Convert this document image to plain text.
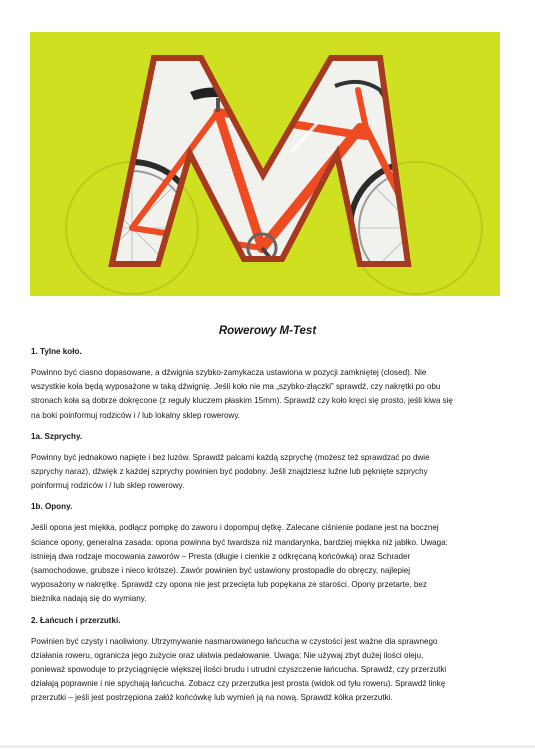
Rowerowy M-Test
1. Tylne koło.

Powinno być ciasno dopasowane, a dźwignia szybko-zamykacza ustawiona w pozycji zamkniętej (closed). Nie
wszystkie koła będą wyposażone w taką dźwignię. Jeśli koło nie ma „szybko-złączki” sprawdź, czy nakrętki po obu
stronach koła są dobrze dokręcone (z reguły kluczem płaskim 15mm). Sprawdź czy koło kręci się prosto, jeśli kiwa się
na boki poinformuj rodziców i / lub lokalny sklep rowerowy.

1a. Szprychy.

Powinny być jednakowo napięte i bez luzów. Sprawdź palcami każdą szprychę (możesz też sprawdzać po dwie
szprychy naraz), dźwięk z każdej szprychy powinien być podobny. Jeśli znajdziesz luźne lub pęknięte szprychy
poinformuj rodziców i / lub sklep rowerowy.

1b. Opony.

Jeśli opona jest miękka, podłącz pompkę do zaworu i dopompuj dętkę. Zalecane ciśnienie podane jest na bocznej
ściance opony, generalna zasada: opona powinna być twardsza niż mandarynka, bardziej miękka niż jabłko. Uwaga:
istnieją dwa rodzaje mocowania zaworów – Presta (długie i cienkie z odkręcaną końcówką) oraz Schrader
(samochodowe, grubsze i nieco krótsze). Zawór powinien być ustawiony prostopadle do obręczy, najlepiej
wyposażony w nakrętkę. Sprawdź czy opona nie jest przecięta lub popękana ze starości. Opony przetarte, bez
bieżnika nadają się do wymiany.

2. Łańcuch i przerzutki.

Powinien być czysty i naoliwiony. Utrzymywanie nasmarowanego łańcucha w czystości jest ważne dla sprawnego
działania roweru, ogranicza jego zużycie oraz ułatwia pedałowanie. Uwaga: Nie używaj zbyt dużej ilości oleju,
ponieważ spowoduje to przyciągnięcie większej ilości brudu i utrudni czyszczenie łańcucha. Sprawdź, czy przerzutki
działają poprawnie i nie spychają łańcucha. Zobacz czy przerzutka jest prosta (widok od tyłu roweru). Sprawdź linkę
przerzutki – jeśli jest postrzępiona załóż końcówkę lub wymień ją na nową. Sprawdź kółka przerzutki.
